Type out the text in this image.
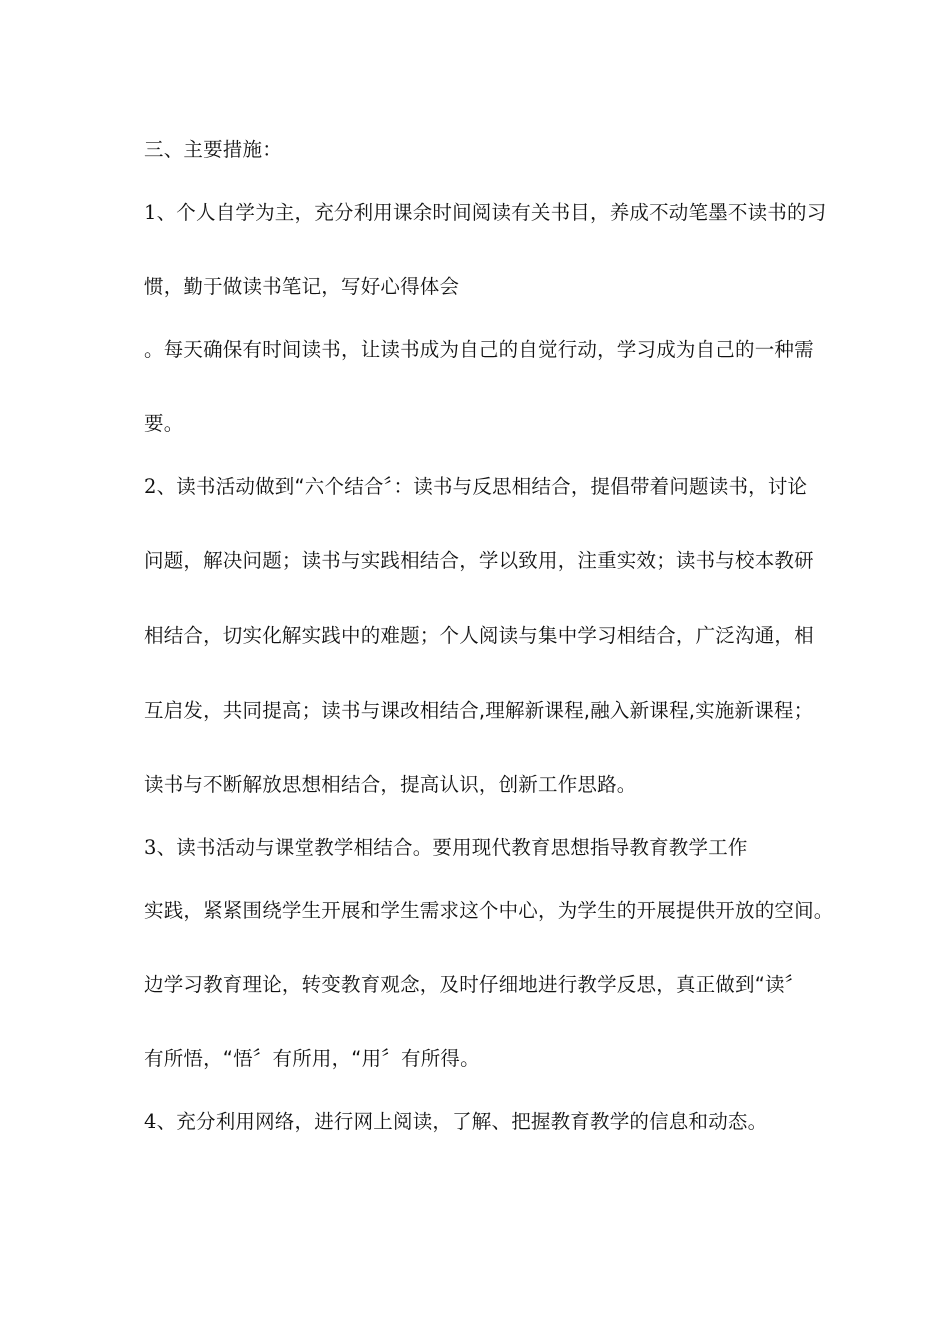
三、主要措施：
1、个人自学为主，充分利用课余时间阅读有关书目，养成不动笔墨不读书的习
惯，勤于做读书笔记，写好心得体会
。每天确保有时间读书，让读书成为自己的自觉行动，学习成为自己的一种需
要。
2、读书活动做到“六个结合〞：读书与反思相结合，提倡带着问题读书，讨论
问题，解决问题；读书与实践相结合，学以致用，注重实效；读书与校本教研
相结合，切实化解实践中的难题；个人阅读与集中学习相结合，广泛沟通，相
互启发，共同提高；读书与课改相结合,理解新课程,融入新课程,实施新课程；
读书与不断解放思想相结合，提高认识，创新工作思路。
3、读书活动与课堂教学相结合。要用现代教育思想指导教育教学工作
实践，紧紧围绕学生开展和学生需求这个中心，为学生的开展提供开放的空间。
边学习教育理论，转变教育观念，及时仔细地进行教学反思，真正做到“读〞
有所悟，“悟〞有所用，“用〞有所得。
4、充分利用网络，进行网上阅读，了解、把握教育教学的信息和动态。
